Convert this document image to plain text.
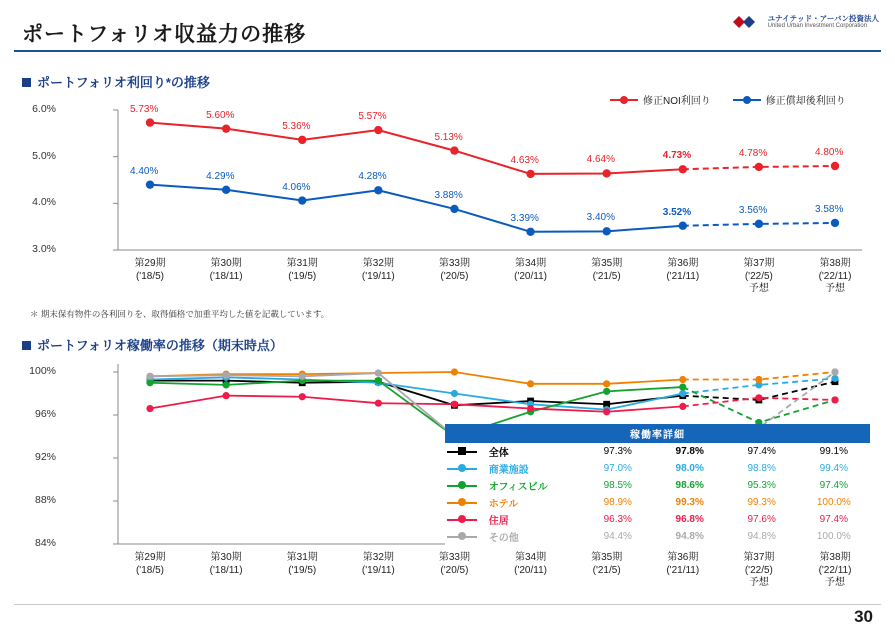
ポートフォリオ収益力の推移
ユナイテッド・アーバン投資法人
United Urban Investment Corporation
ポートフォリオ利回り*の推移
修正NOI利回り	修正償却後利回り
6.0%
5.0%
4.0%
3.0%
5.73%
5.60%
5.36%
5.57%
5.13%
4.63%	4.64%	4.73%	4.78%	4.80%
4.40%	4.29%
4.06%
4.28%
3.88%
3.39%	3.40%
3.52%	3.56%	3.58%
第29期
('18/5)
第30期
('18/11)
第31期
('19/5)
第32期
('19/11)
第33期
('20/5)
第34期
('20/11)
第35期
('21/5)
第36期
('21/11)
第37期
('22/5)
予想
第38期
('22/11)
予想
＊ 期末保有物件の各利回りを、取得価格で加重平均した値を記載しています。
ポートフォリオ稼働率の推移（期末時点）
100%
96%
92%
88%
84%
第29期
('18/5)
第30期
('18/11)
第31期
('19/5)
第32期
('19/11)
第33期
('20/5)
第34期
('20/11)
第35期
('21/5)
第36期
('21/11)
第37期
('22/5)
予想
第38期
('22/11)
予想
稼働率詳細					

	全体	97.3%	97.8%	97.4%	99.1%

	商業施設	97.0%	98.0%	98.8%	99.4%

	オフィスビル	98.5%	98.6%	95.3%	97.4%

	ホテル	98.9%	99.3%	99.3%	100.0%

	住居	96.3%	96.8%	97.6%	97.4%

	その他	94.4%	94.8%	94.8%	100.0%
30
